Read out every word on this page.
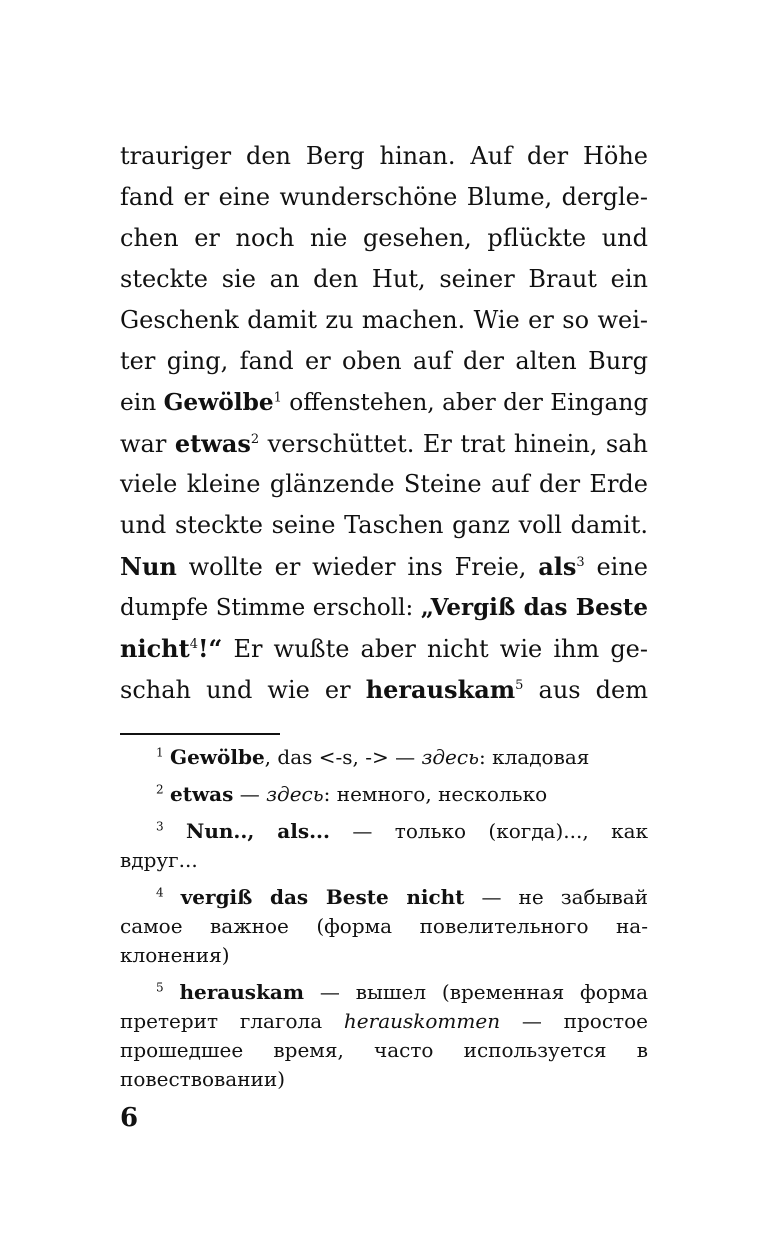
trauriger den Berg hinan. Auf der Höhe
fand er eine wunderschöne Blume, dergle-
chen er noch nie gesehen, pflückte und
steckte sie an den Hut, seiner Braut ein
Geschenk damit zu machen. Wie er so wei-
ter ging, fand er oben auf der alten Burg
ein Gewölbe$^1$ offenstehen, aber der Eingang
war etwas$^2$ verschüttet. Er trat hinein, sah
viele kleine glänzende Steine auf der Erde
und steckte seine Taschen ganz voll damit.
Nun wollte er wieder ins Freie, als$^3$ eine
dumpfe Stimme erscholl: „Vergiß das Beste
nicht$^4$!“ Er wußte aber nicht wie ihm ge-
schah und wie er herauskam$^5$ aus dem
$^1$ Gewölbe, das <-s, -> — здесь: кладовая
$^2$ etwas — здесь: немного, несколько
$^3$ Nun.., als... — только (когда)..., как
вдруг...
$^4$ vergiß das Beste nicht — не забывай
самое важное (форма повелительного на-
клонения)
$^5$ herauskam — вышел (временная форма
претерит глагола herauskommen — простое
прошедшее время, часто используется в
повествовании)
6
